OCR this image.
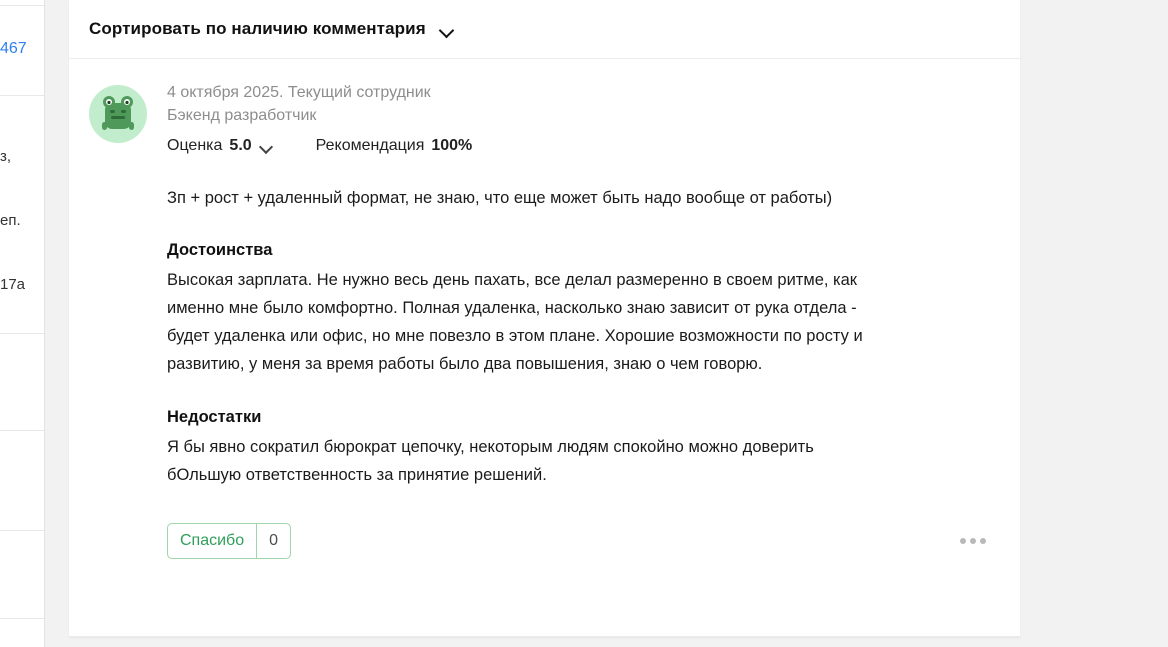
467
з,
еп.
17а
Сортировать по наличию комментария
4 октября 2025. Текущий сотрудник
Бэкенд разработчик
Оценка 5.0	Рекомендация 100%
Зп + рост + удаленный формат, не знаю, что еще может быть надо вообще от работы)
Достоинства
Высокая зарплата. Не нужно весь день пахать, все делал размеренно в своем ритме, как именно мне было комфортно. Полная удаленка, насколько знаю зависит от рука отдела - будет удаленка или офис, но мне повезло в этом плане. Хорошие возможности по росту и развитию, у меня за время работы было два повышения, знаю о чем говорю.
Недостатки
Я бы явно сократил бюрократ цепочку, некоторым людям спокойно можно доверить бОльшую ответственность за принятие решений.
Спасибо	0
